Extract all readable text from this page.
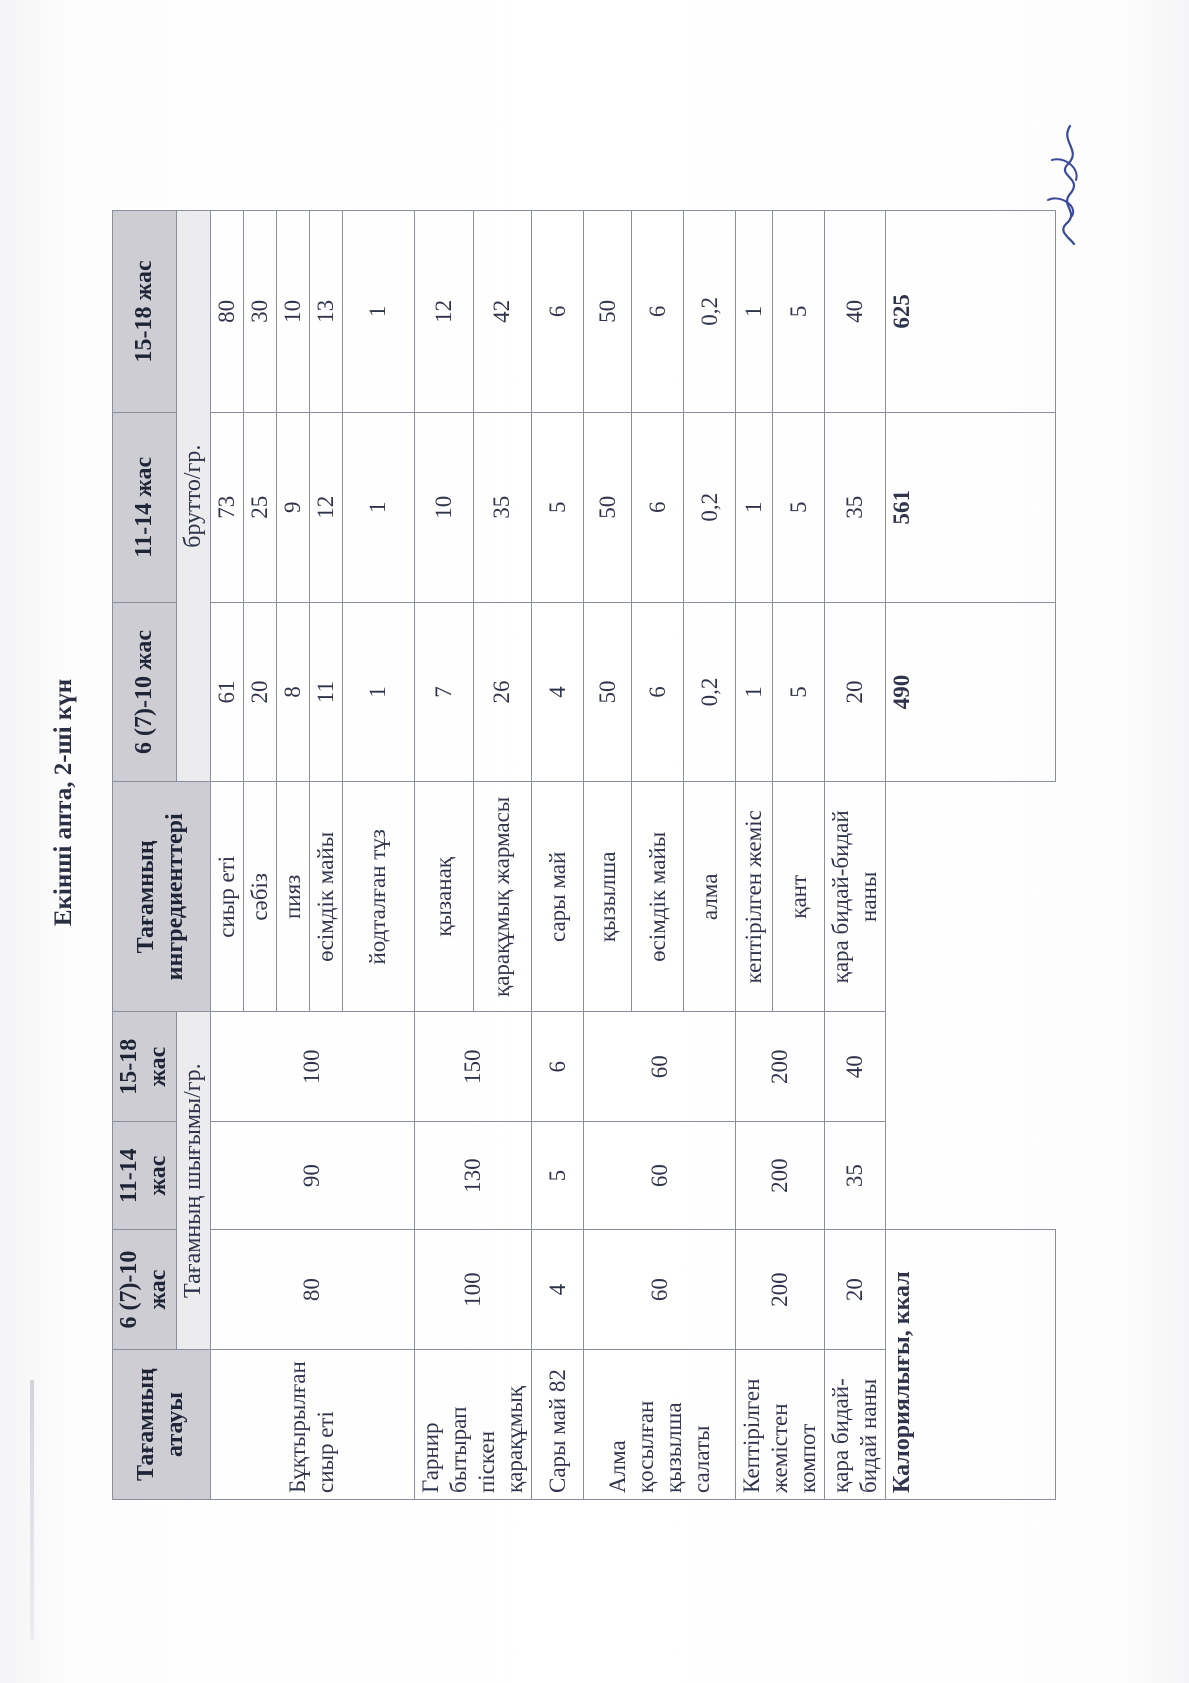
Екінші апта, 2-ші күн
Тағамның атауы	6 (7)-10 жас	11-14 жас	15-18 жас	Тағамның ингредиенттері	6 (7)-10 жас	11-14 жас	15-18 жас
	Тағамның шығымы/гр.				брутто/гр.		
Бұқтырылған сиыр еті	80	90	100	сиыр еті	61	73	80
				сәбіз	20	25	30
				пияз	8	9	10
				өсімдік майы	11	12	13
				йодталған тұз	1	1	1
Гарнир бытырап піскен қарақұмық	100	130	150	қызанақ	7	10	12
				қарақұмық жармасы	26	35	42
Сары май 82	4	5	6	сары май	4	5	6
Алма қосылған қызылша салаты	60	60	60	қызылша	50	50	50
				өсімдік майы	6	6	6
				алма	0,2	0,2	0,2
Кептірілген жемістен компот	200	200	200	кептірілген жеміс	1	1	1
				қант	5	5	5
қара бидай-бидай наны	20	35	40	қара бидай-бидай наны	20	35	40
Калориялығы, ккал					490	561	625
